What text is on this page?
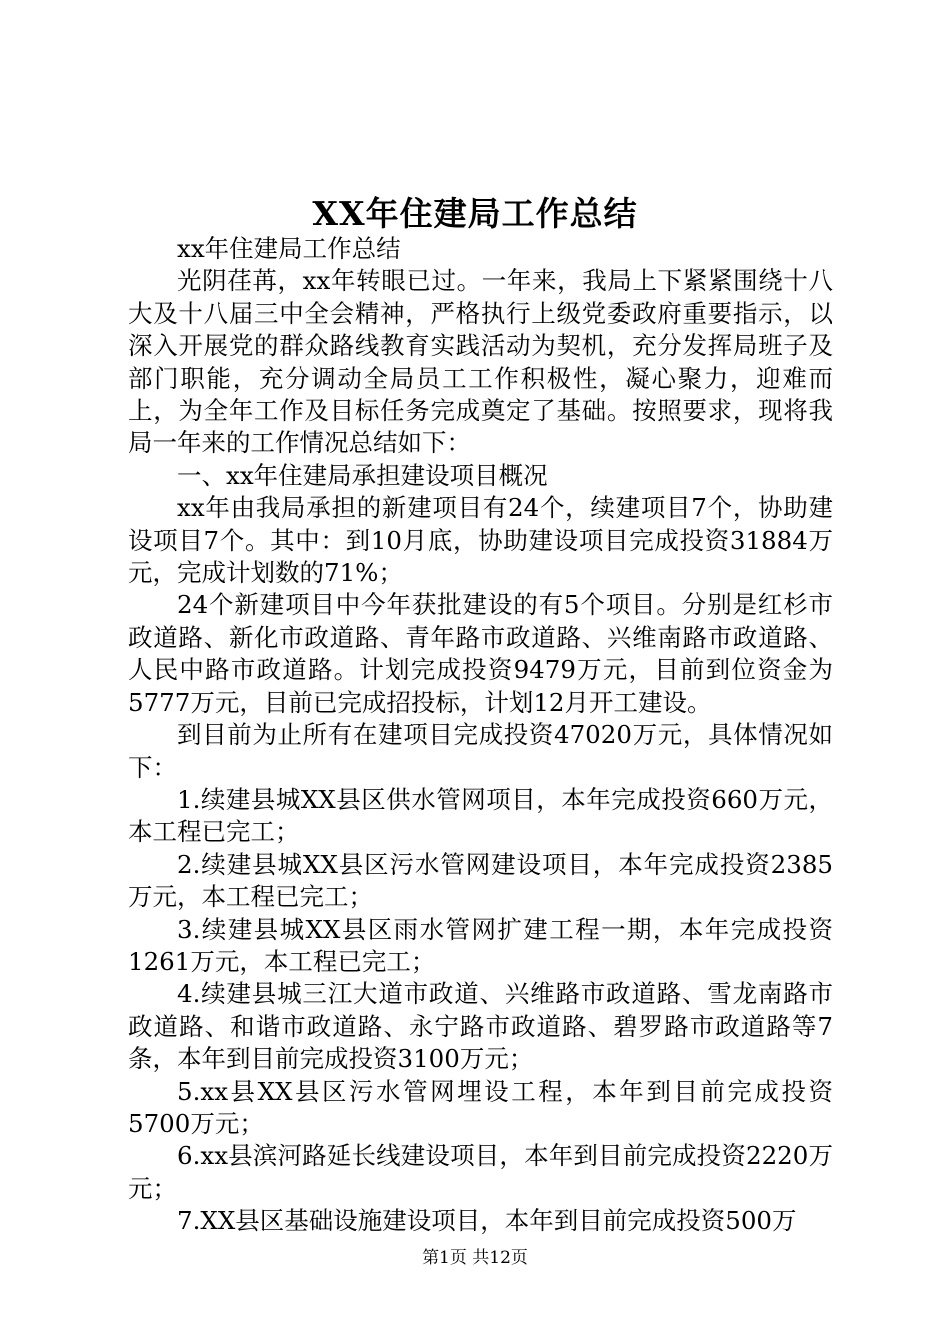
XX年住建局工作总结

xx年住建局工作总结

光阴荏苒，xx年转眼已过。一年来，我局上下紧紧围绕十八大及十八届三中全会精神，严格执行上级党委政府重要指示，以深入开展党的群众路线教育实践活动为契机，充分发挥局班子及部门职能，充分调动全局员工工作积极性，凝心聚力，迎难而上，为全年工作及目标任务完成奠定了基础。按照要求，现将我局一年来的工作情况总结如下：

一、xx年住建局承担建设项目概况

xx年由我局承担的新建项目有24个，续建项目7个，协助建设项目7个。其中：到10月底，协助建设项目完成投资31884万元，完成计划数的71%；

24个新建项目中今年获批建设的有5个项目。分别是红杉市政道路、新化市政道路、青年路市政道路、兴维南路市政道路、人民中路市政道路。计划完成投资9479万元，目前到位资金为5777万元，目前已完成招投标，计划12月开工建设。

到目前为止所有在建项目完成投资47020万元，具体情况如下：

1.续建县城XX县区供水管网项目，本年完成投资660万元，本工程已完工；

2.续建县城XX县区污水管网建设项目，本年完成投资2385万元，本工程已完工；

3.续建县城XX县区雨水管网扩建工程一期，本年完成投资1261万元，本工程已完工；

4.续建县城三江大道市政道、兴维路市政道路、雪龙南路市政道路、和谐市政道路、永宁路市政道路、碧罗路市政道路等7条，本年到目前完成投资3100万元；

5.xx县XX县区污水管网埋设工程，本年到目前完成投资5700万元；

6.xx县滨河路延长线建设项目，本年到目前完成投资2220万元；

7.XX县区基础设施建设项目，本年到目前完成投资500万

第1页 共12页
